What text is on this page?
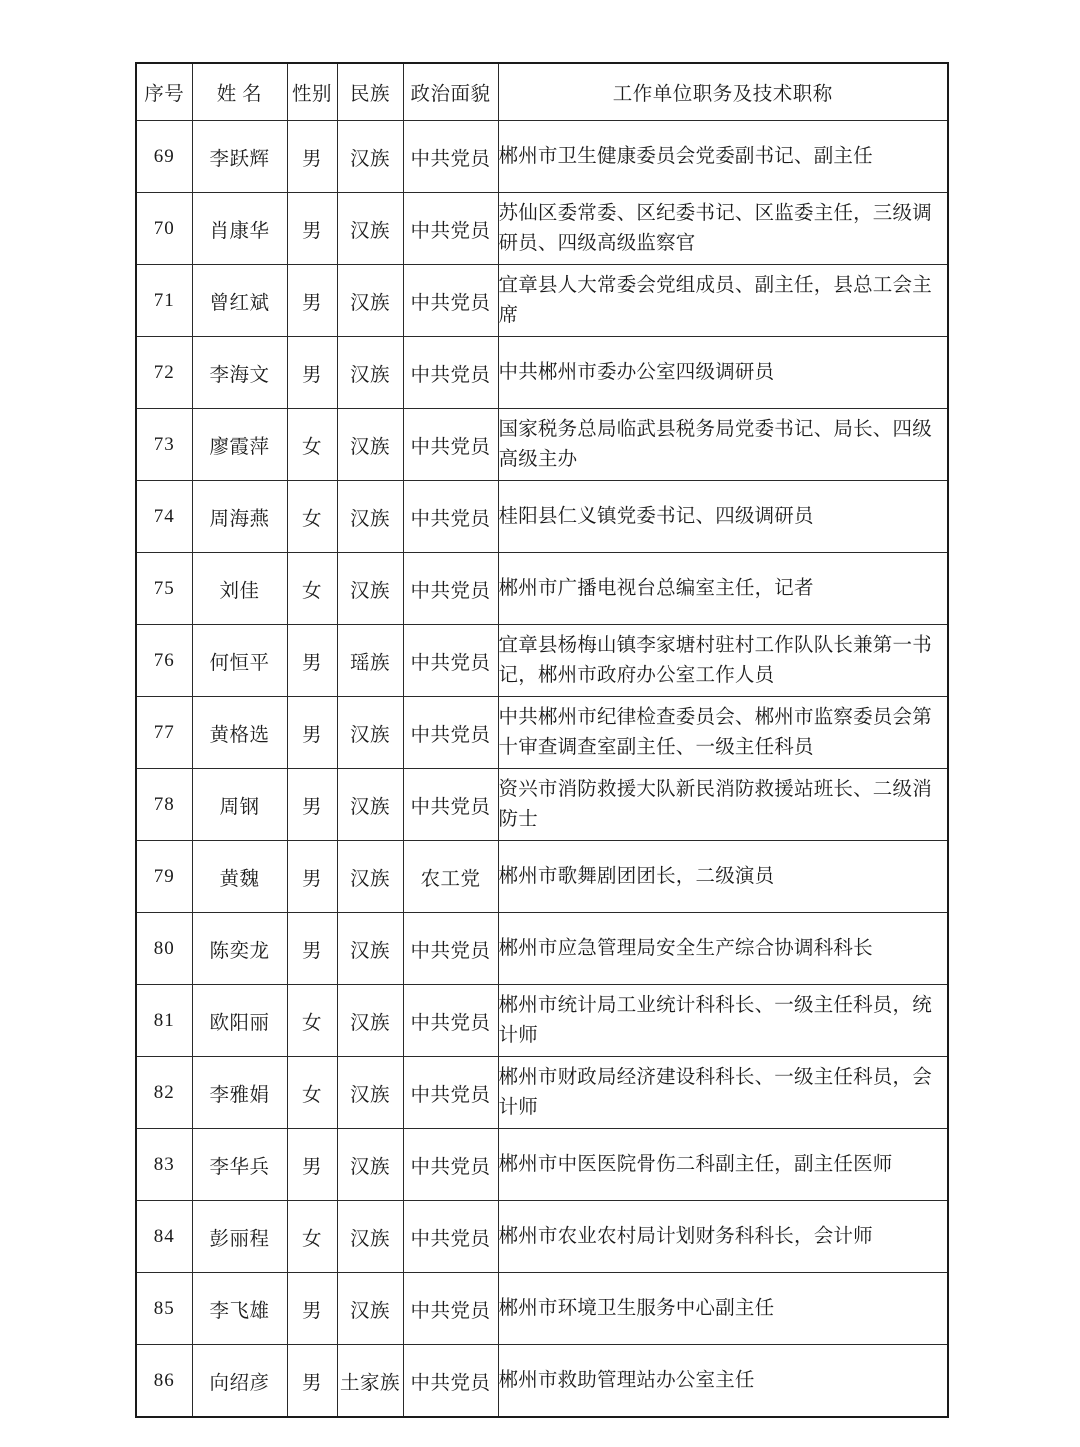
序号	姓 名	性别	民族	政治面貌	工作单位职务及技术职称
69	李跃辉	男	汉族	中共党员	郴州市卫生健康委员会党委副书记、副主任
70	肖康华	男	汉族	中共党员	苏仙区委常委、区纪委书记、区监委主任，三级调研员、四级高级监察官
71	曾红斌	男	汉族	中共党员	宜章县人大常委会党组成员、副主任，县总工会主席
72	李海文	男	汉族	中共党员	中共郴州市委办公室四级调研员
73	廖霞萍	女	汉族	中共党员	国家税务总局临武县税务局党委书记、局长、四级高级主办
74	周海燕	女	汉族	中共党员	桂阳县仁义镇党委书记、四级调研员
75	刘佳	女	汉族	中共党员	郴州市广播电视台总编室主任，记者
76	何恒平	男	瑶族	中共党员	宜章县杨梅山镇李家塘村驻村工作队队长兼第一书记，郴州市政府办公室工作人员
77	黄格选	男	汉族	中共党员	中共郴州市纪律检查委员会、郴州市监察委员会第十审查调查室副主任、一级主任科员
78	周钢	男	汉族	中共党员	资兴市消防救援大队新民消防救援站班长、二级消防士
79	黄魏	男	汉族	农工党	郴州市歌舞剧团团长，二级演员
80	陈奕龙	男	汉族	中共党员	郴州市应急管理局安全生产综合协调科科长
81	欧阳丽	女	汉族	中共党员	郴州市统计局工业统计科科长、一级主任科员，统计师
82	李雅娟	女	汉族	中共党员	郴州市财政局经济建设科科长、一级主任科员，会计师
83	李华兵	男	汉族	中共党员	郴州市中医医院骨伤二科副主任，副主任医师
84	彭丽程	女	汉族	中共党员	郴州市农业农村局计划财务科科长，会计师
85	李飞雄	男	汉族	中共党员	郴州市环境卫生服务中心副主任
86	向绍彦	男	土家族	中共党员	郴州市救助管理站办公室主任
